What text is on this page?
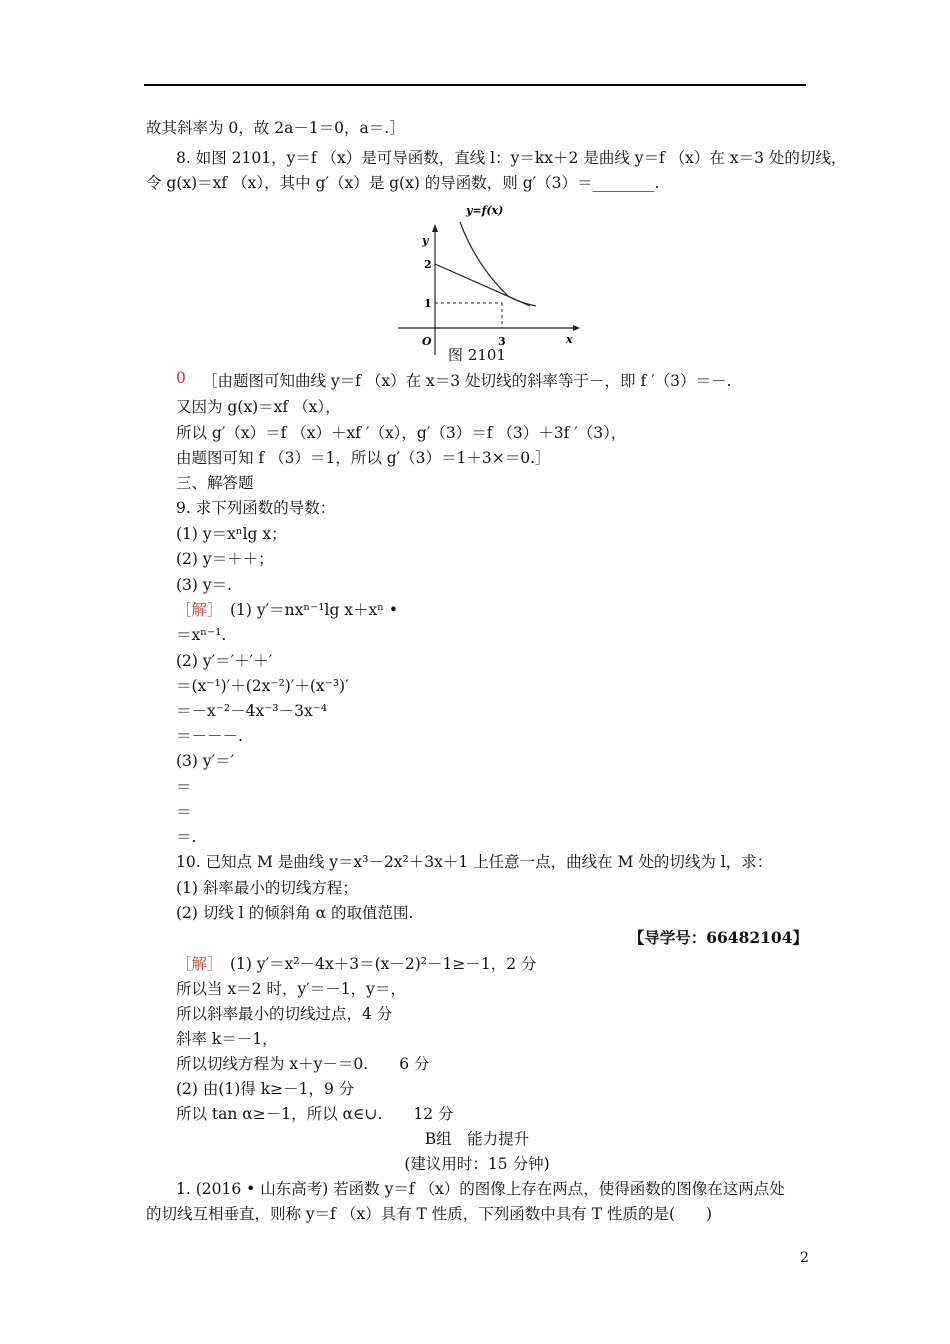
故其斜率为 0，故 2a－1＝0，a＝.］
8. 如图 2101，y＝f （x）是可导函数，直线 l：y＝kx＋2 是曲线 y＝f （x）在 x＝3 处的切线，
令 g(x)＝xf （x），其中 g′（x）是 g(x) 的导函数，则 g′（3）＝________.
y=f(x)
y
2
1
O	3	x
图 2101
0 ［由题图可知曲线 y＝f （x）在 x＝3 处切线的斜率等于－，即 f ′（3）＝－.
又因为 g(x)＝xf （x），
所以 g′（x）＝f （x）＋xf ′（x），g′（3）＝f （3）＋3f ′（3），
由题图可知 f （3）＝1，所以 g′（3）＝1＋3×＝0.］
三、解答题
9. 求下列函数的导数：
(1) y＝xⁿlg x；
(2) y＝＋＋；
(3) y＝.
［解］ (1) y′＝nxⁿ⁻¹lg x＋xⁿ •
＝xⁿ⁻¹.
(2) y′＝′＋′＋′
＝(x⁻¹)′＋(2x⁻²)′＋(x⁻³)′
＝－x⁻²－4x⁻³－3x⁻⁴
＝－－－.
(3) y′＝′
＝
＝
＝.
10. 已知点 M 是曲线 y＝x³－2x²＋3x＋1 上任意一点，曲线在 M 处的切线为 l，求：
(1) 斜率最小的切线方程；
(2) 切线 l 的倾斜角 α 的取值范围.
【导学号：66482104】
［解］ (1) y′＝x²－4x＋3＝(x－2)²－1≥－1，2 分
所以当 x＝2 时，y′＝－1，y＝，
所以斜率最小的切线过点，4 分
斜率 k＝－1，
所以切线方程为 x＋y－＝0.　　6 分
(2) 由(1)得 k≥－1，9 分
所以 tan α≥－1，所以 α∈∪.　　12 分
B组　能力提升
(建议用时：15 分钟)
1. (2016 • 山东高考) 若函数 y＝f （x）的图像上存在两点，使得函数的图像在这两点处
的切线互相垂直，则称 y＝f （x）具有 T 性质，下列函数中具有 T 性质的是(　　)
2
